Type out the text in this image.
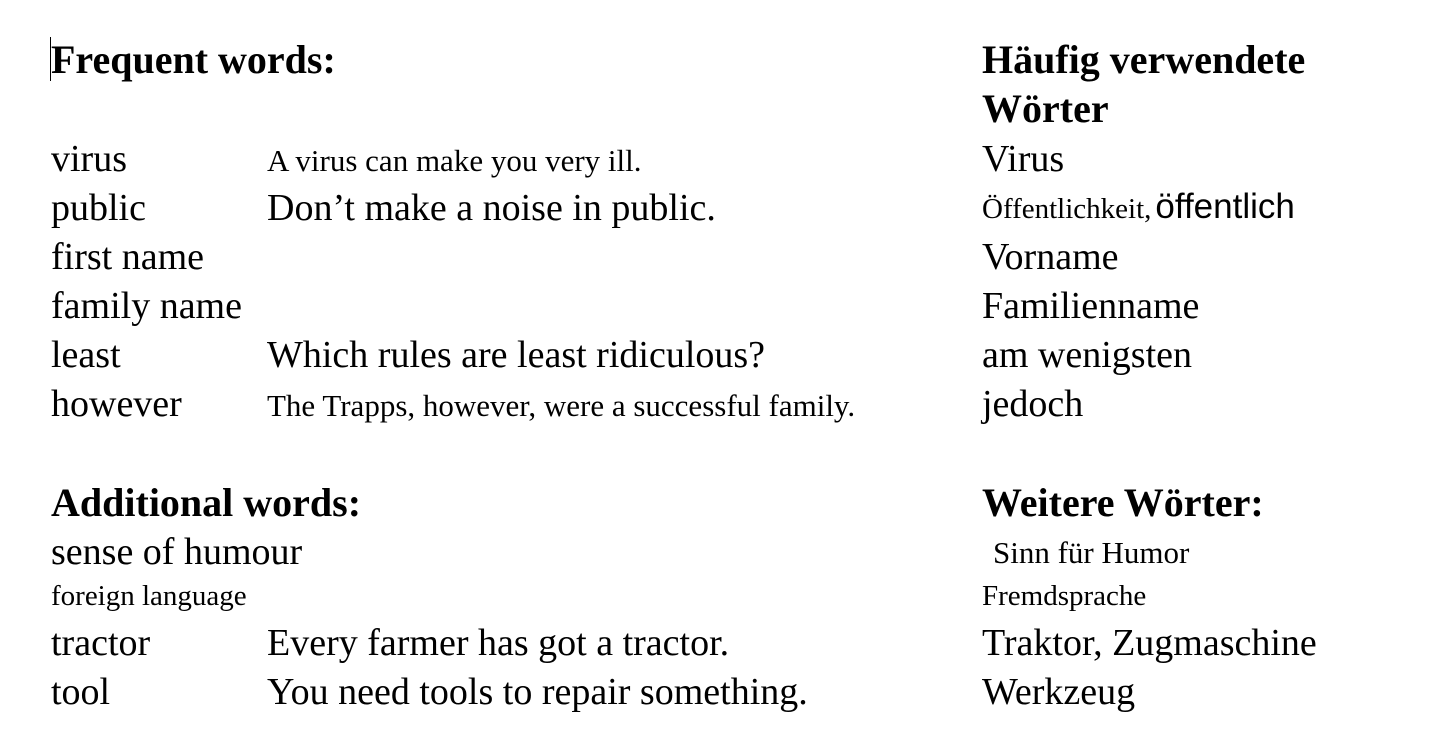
Frequent words:	Häufig verwendete
Wörter
virus	A virus can make you very ill.	Virus
public	Don’t make a noise in public.	Öffentlichkeit, öffentlich
first name	Vorname
family name	Familienname
least	Which rules are least ridiculous?	am wenigsten
however	The Trapps, however, were a successful family.	jedoch
Additional words:	Weitere Wörter:
sense of humour	Sinn für Humor
foreign language	Fremdsprache
tractor	Every farmer has got a tractor.	Traktor, Zugmaschine
tool	You need tools to repair something.	Werkzeug
